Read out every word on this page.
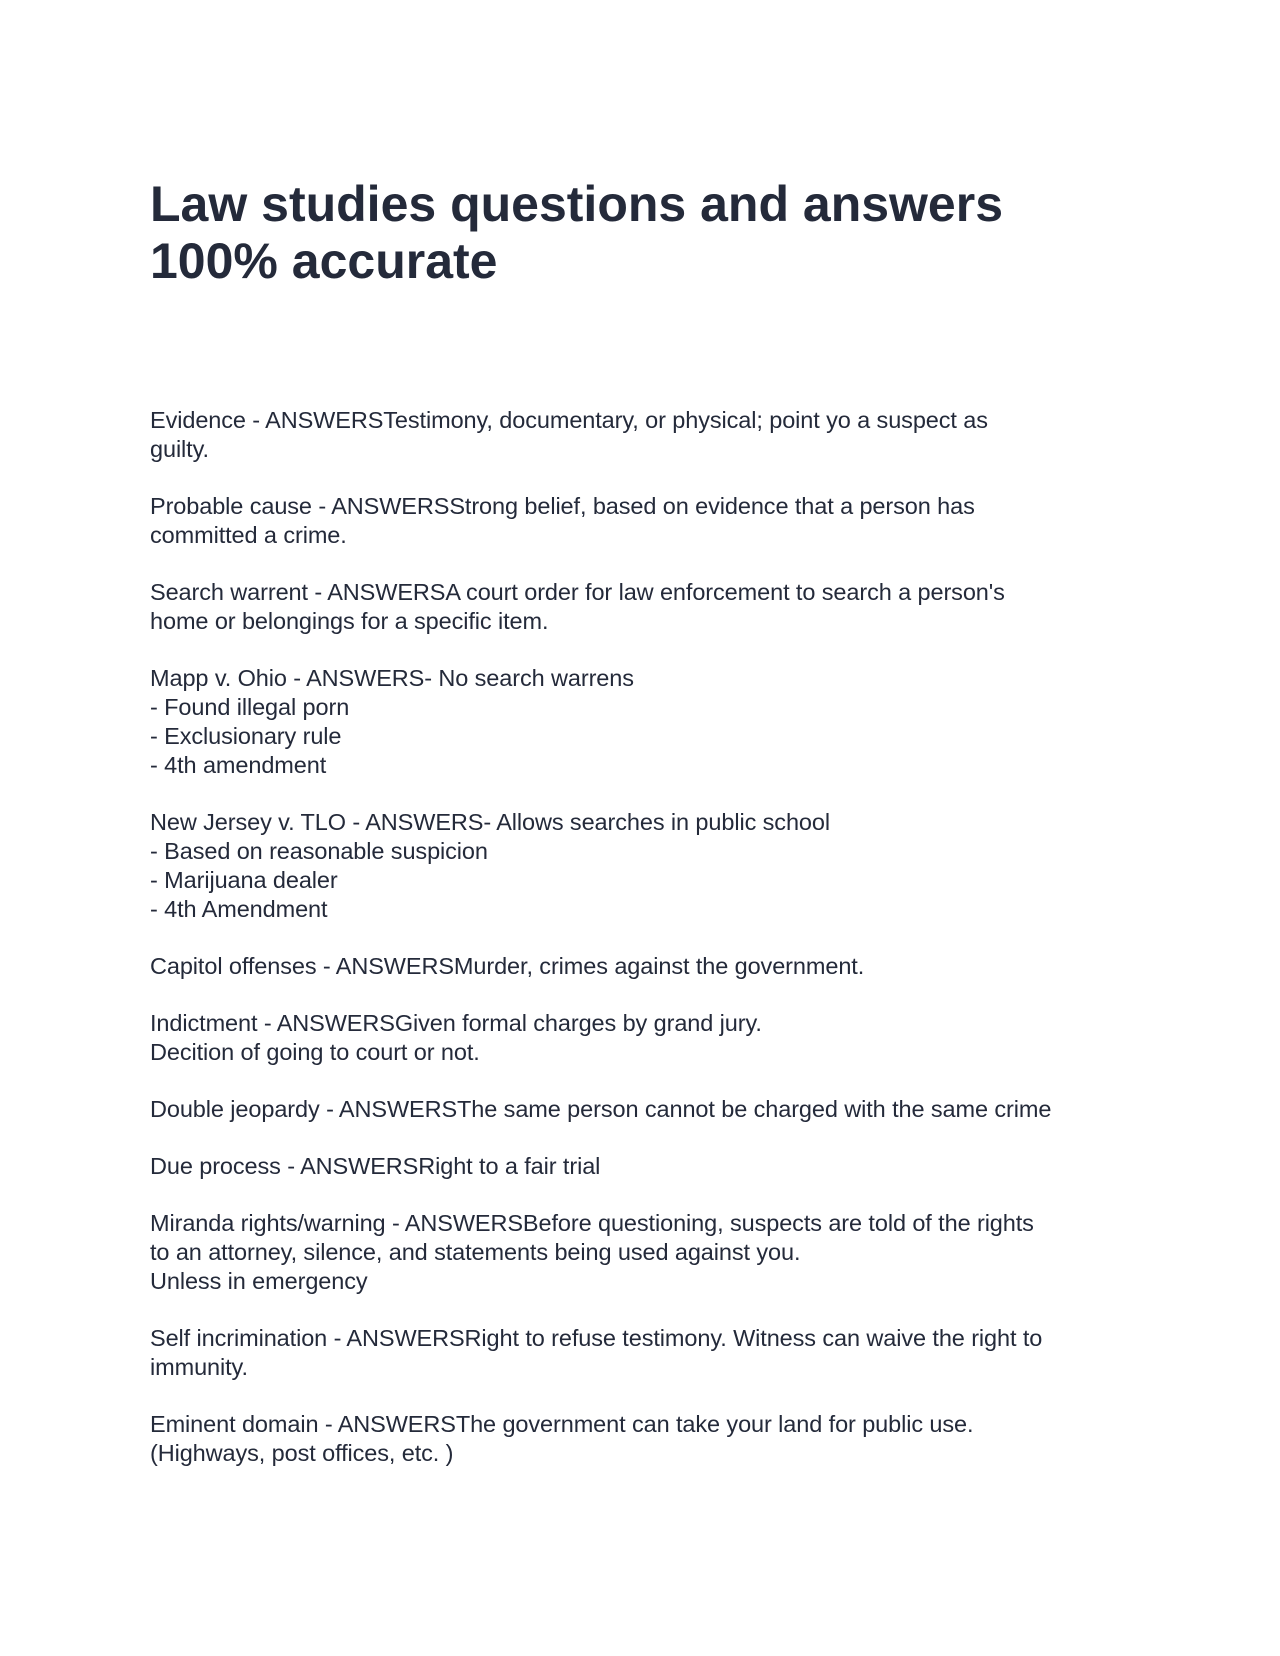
Law studies questions and answers
100% accurate

Evidence - ANSWERSTestimony, documentary, or physical; point yo a suspect as
guilty.

Probable cause - ANSWERSStrong belief, based on evidence that a person has
committed a crime.

Search warrent - ANSWERSA court order for law enforcement to search a person's
home or belongings for a specific item.

Mapp v. Ohio - ANSWERS- No search warrens
- Found illegal porn
- Exclusionary rule
- 4th amendment

New Jersey v. TLO - ANSWERS- Allows searches in public school
- Based on reasonable suspicion
- Marijuana dealer
- 4th Amendment

Capitol offenses - ANSWERSMurder, crimes against the government.

Indictment - ANSWERSGiven formal charges by grand jury.
Decition of going to court or not.

Double jeopardy - ANSWERSThe same person cannot be charged with the same crime

Due process - ANSWERSRight to a fair trial

Miranda rights/warning - ANSWERSBefore questioning, suspects are told of the rights
to an attorney, silence, and statements being used against you.
Unless in emergency

Self incrimination - ANSWERSRight to refuse testimony. Witness can waive the right to
immunity.

Eminent domain - ANSWERSThe government can take your land for public use.
(Highways, post offices, etc. )
